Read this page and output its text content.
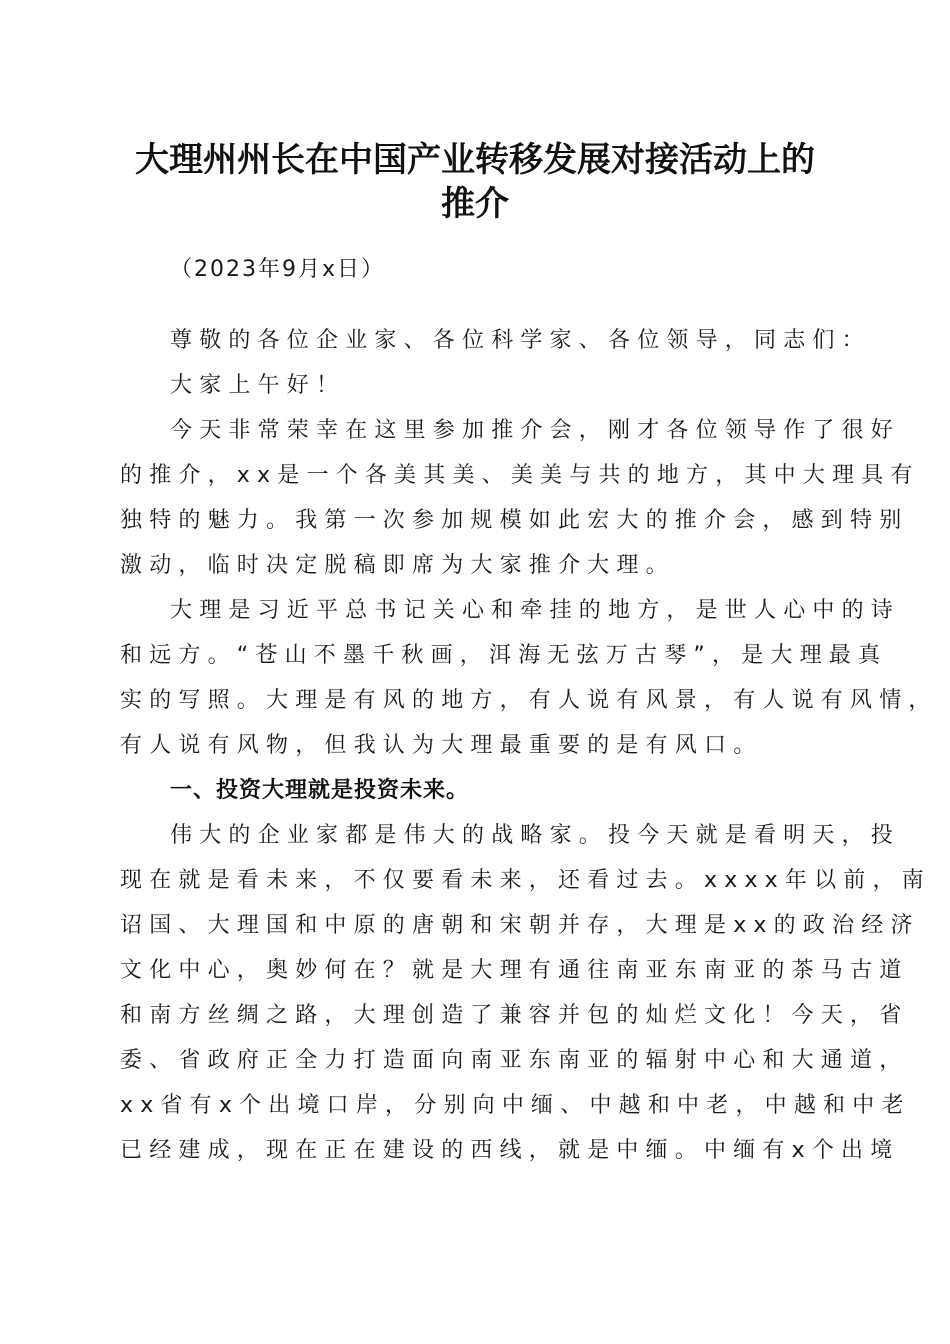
大理州州长在中国产业转移发展对接活动上的
推介
（2023年9月x日）
尊敬的各位企业家、各位科学家、各位领导，同志们：
大家上午好！
今天非常荣幸在这里参加推介会，刚才各位领导作了很好
的推介，xx是一个各美其美、美美与共的地方，其中大理具有
独特的魅力。我第一次参加规模如此宏大的推介会，感到特别
激动，临时决定脱稿即席为大家推介大理。
大理是习近平总书记关心和牵挂的地方，是世人心中的诗
和远方。“苍山不墨千秋画，洱海无弦万古琴”，是大理最真
实的写照。大理是有风的地方，有人说有风景，有人说有风情，
有人说有风物，但我认为大理最重要的是有风口。
一、投资大理就是投资未来。
伟大的企业家都是伟大的战略家。投今天就是看明天，投
现在就是看未来，不仅要看未来，还看过去。xxxx年以前，南
诏国、大理国和中原的唐朝和宋朝并存，大理是xx的政治经济
文化中心，奥妙何在？就是大理有通往南亚东南亚的茶马古道
和南方丝绸之路，大理创造了兼容并包的灿烂文化！今天，省
委、省政府正全力打造面向南亚东南亚的辐射中心和大通道，
xx省有x个出境口岸，分别向中缅、中越和中老，中越和中老
已经建成，现在正在建设的西线，就是中缅。中缅有x个出境
